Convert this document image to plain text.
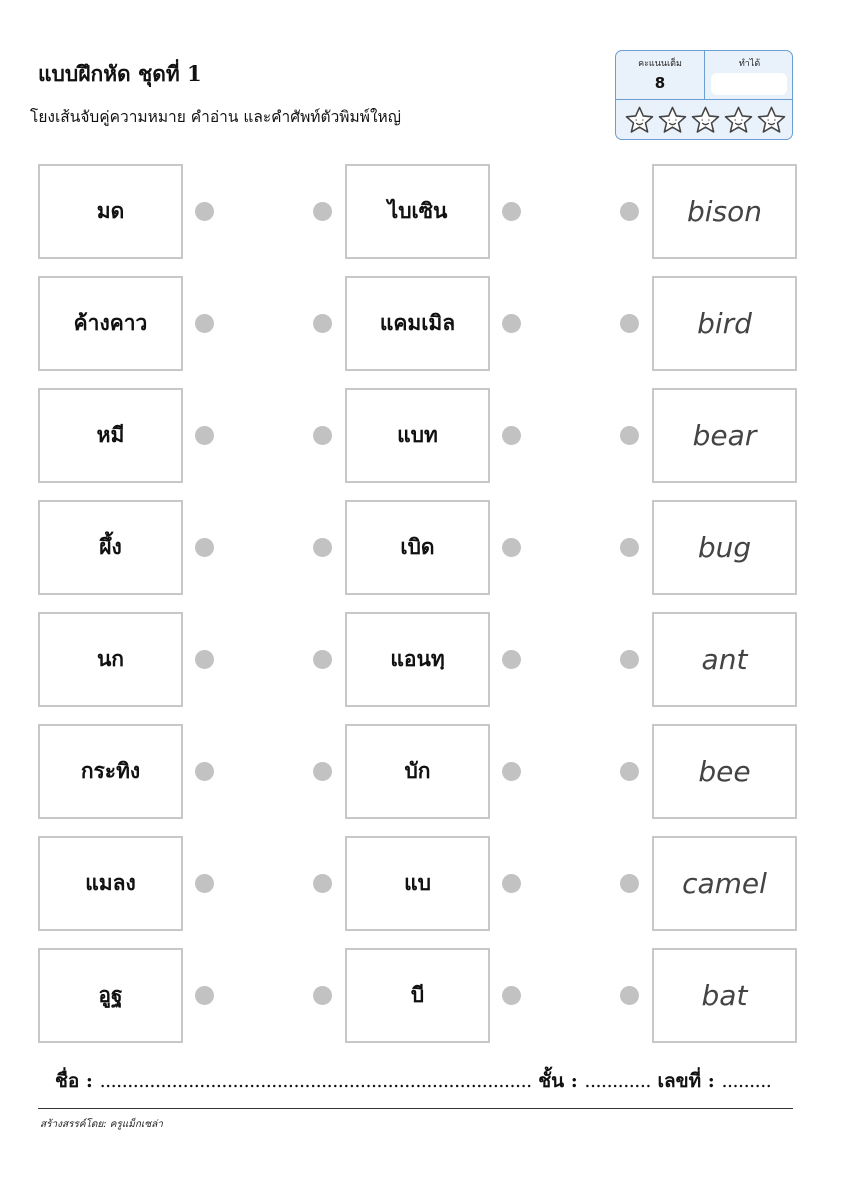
แบบฝึกหัด ชุดที่ 1
โยงเส้นจับคู่ความหมาย คำอ่าน และคำศัพท์ตัวพิมพ์ใหญ่
คะแนนเต็ม
8
ทำได้
มด	ไบเซิน	bison
ค้างคาว	แคมเมิล	bird
หมี	แบท	bear
ผึ้ง	เบิด	bug
นก	แอนทฺ	ant
กระทิง	บัก	bee
แมลง	แบ	camel
อูฐ	บี	bat
ชื่อ : .............................................................................. ชั้น : ............ เลขที่ : .........
สร้างสรรค์โดย: ครูแม็กเซล่า
